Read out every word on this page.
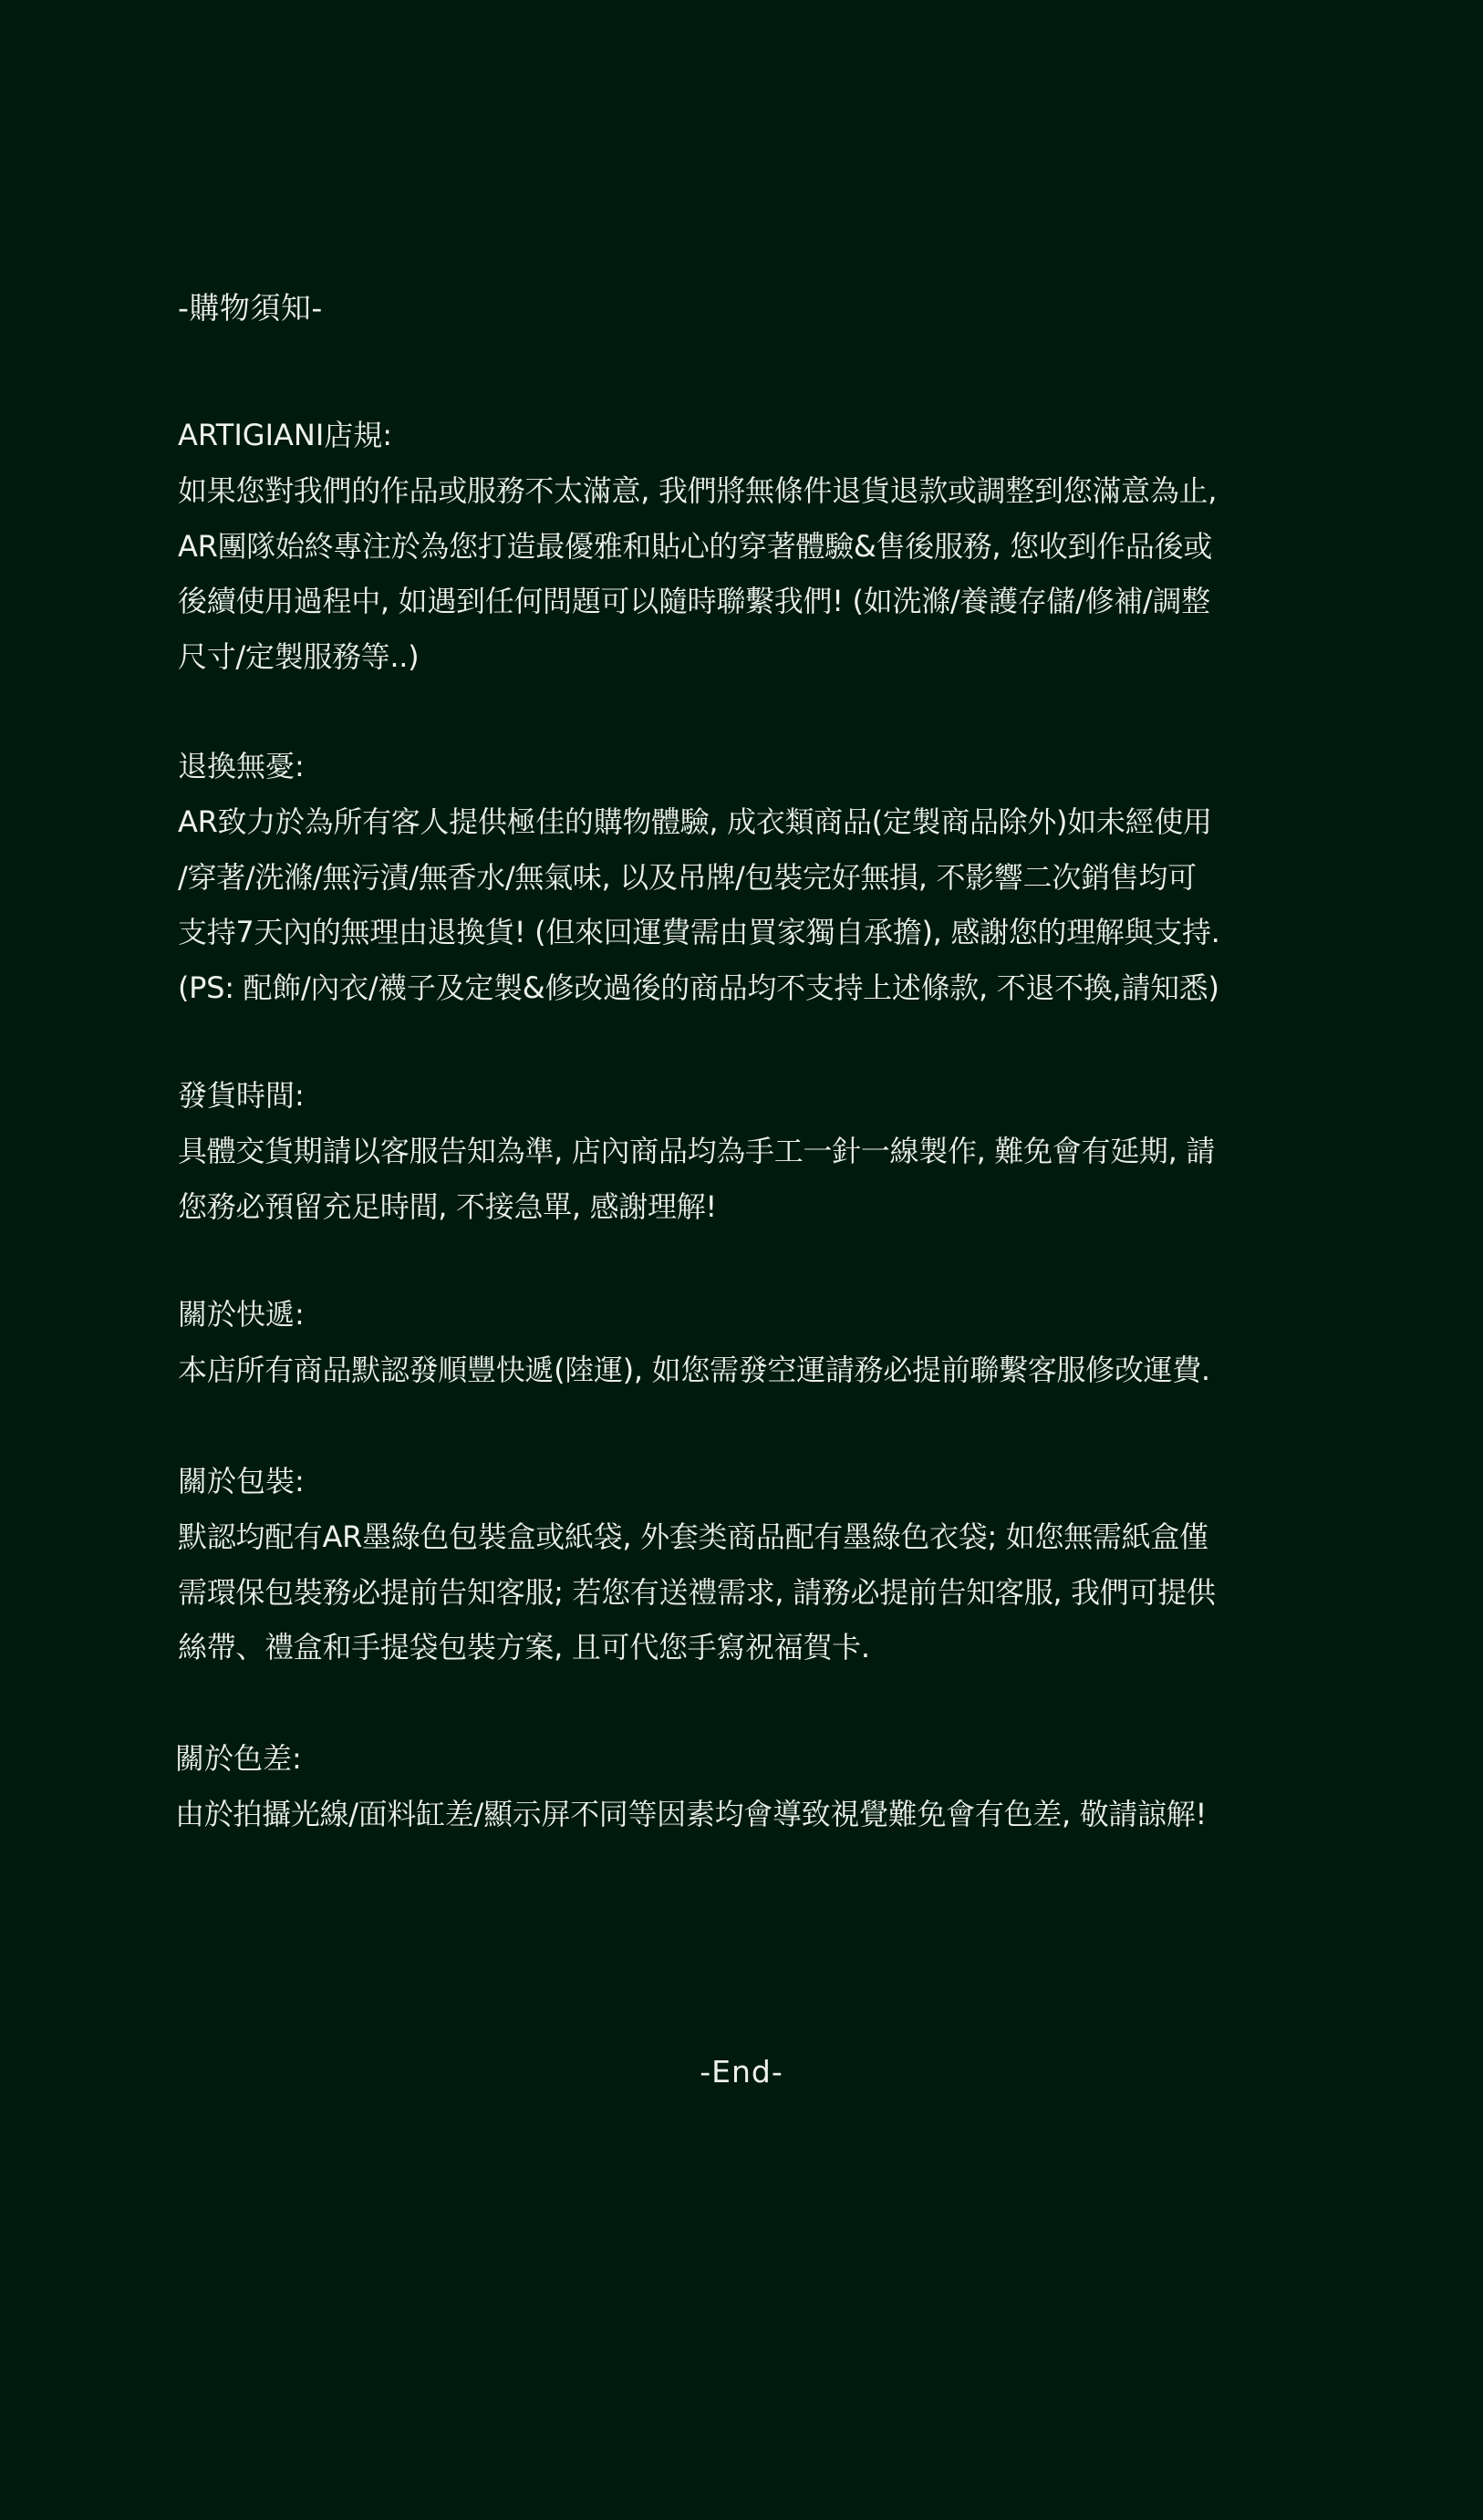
-購物須知-
ARTIGIANI店規:
如果您對我們的作品或服務不太滿意, 我們將無條件退貨退款或調整到您滿意為止,
AR團隊始終專注於為您打造最優雅和貼心的穿著體驗&售後服務, 您收到作品後或
後續使用過程中, 如遇到任何問題可以隨時聯繫我們! (如洗滌/養護存儲/修補/調整
尺寸/定製服務等..)
退換無憂:
AR致力於為所有客人提供極佳的購物體驗, 成衣類商品(定製商品除外)如未經使用
/穿著/洗滌/無污漬/無香水/無氣味, 以及吊牌/包裝完好無損, 不影響二次銷售均可
支持7天內的無理由退換貨! (但來回運費需由買家獨自承擔), 感謝您的理解與支持.
(PS: 配飾/內衣/襪子及定製&修改過後的商品均不支持上述條款, 不退不換,請知悉)
發貨時間:
具體交貨期請以客服告知為準, 店內商品均為手工一針一線製作, 難免會有延期, 請
您務必預留充足時間, 不接急單, 感謝理解!
關於快遞:
本店所有商品默認發順豐快遞(陸運), 如您需發空運請務必提前聯繫客服修改運費.
關於包裝:
默認均配有AR墨綠色包裝盒或紙袋, 外套类商品配有墨綠色衣袋; 如您無需紙盒僅
需環保包裝務必提前告知客服; 若您有送禮需求, 請務必提前告知客服, 我們可提供
絲帶、禮盒和手提袋包裝方案, 且可代您手寫祝福賀卡.
關於色差:
由於拍攝光線/面料缸差/顯示屏不同等因素均會導致視覺難免會有色差, 敬請諒解!
-End-
